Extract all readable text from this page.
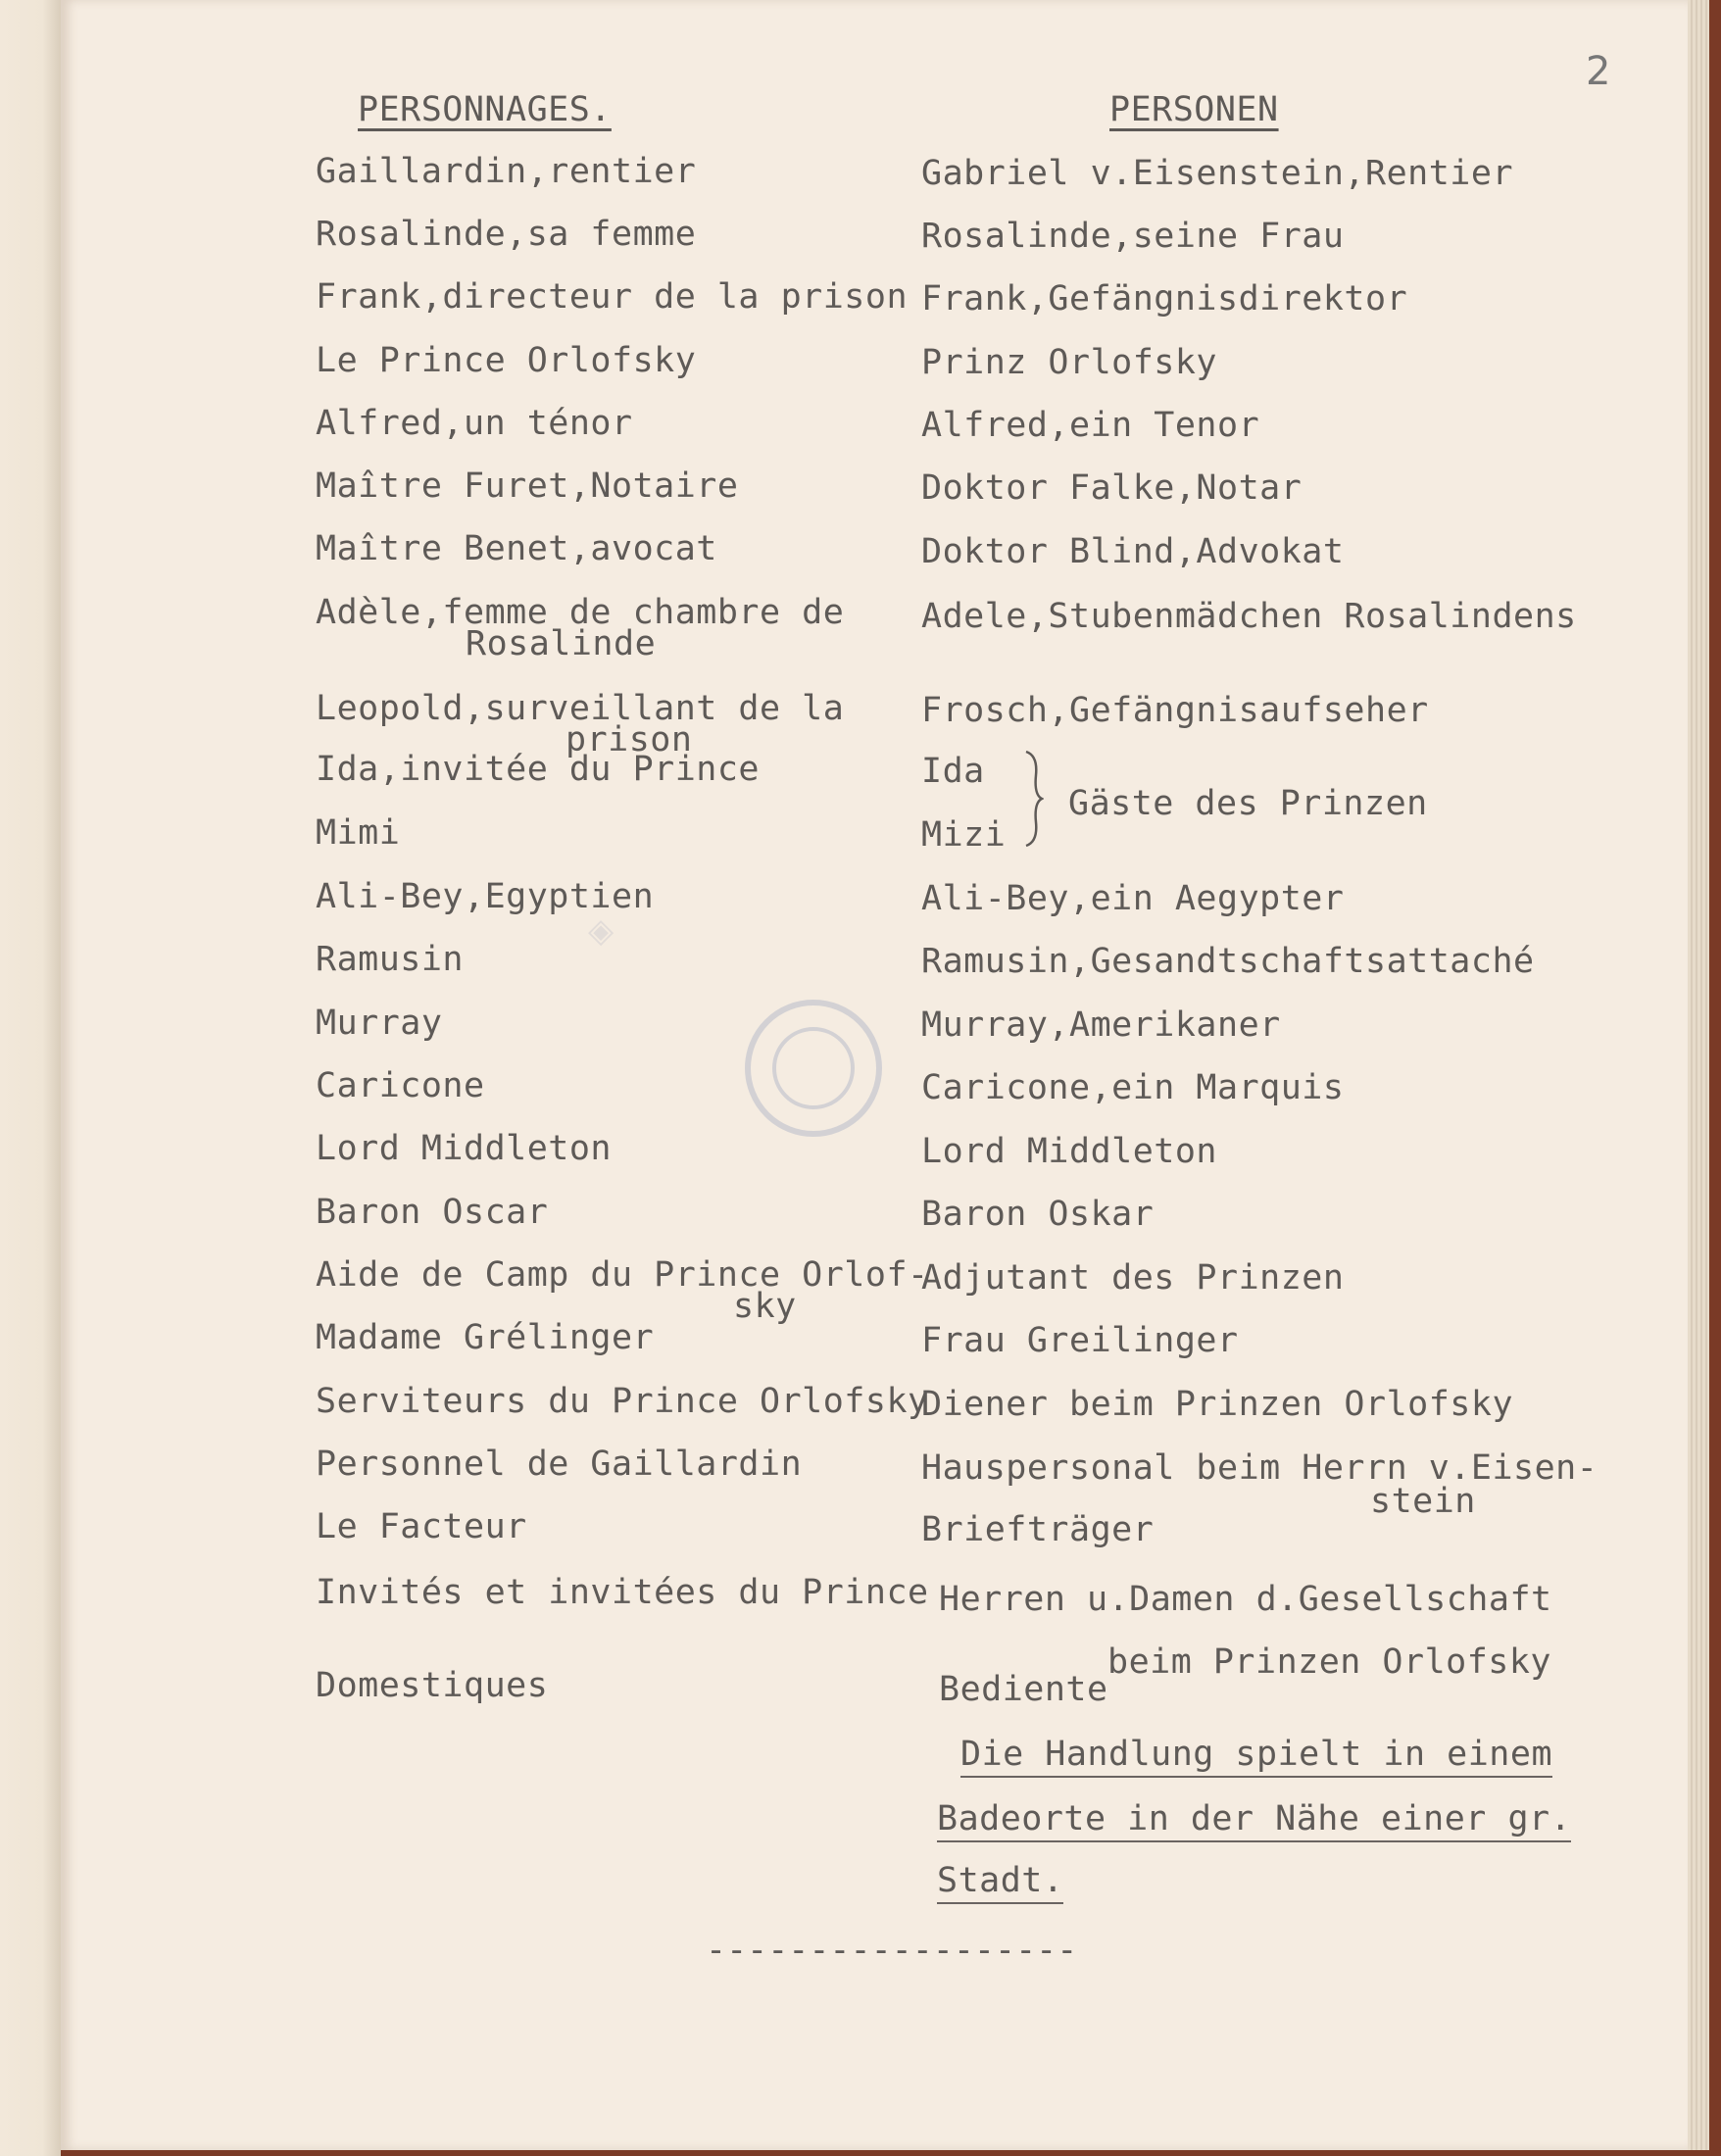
2
◈
PERSONNAGES.	PERSONEN
Gaillardin,rentier
Rosalinde,sa femme
Frank,directeur de la prison
Le Prince Orlofsky
Alfred,un ténor
Maître Furet,Notaire
Maître Benet,avocat
Adèle,femme de chambre de
Rosalinde
Leopold,surveillant de la
prison
Ida,invitée du Prince
Mimi
Ali-Bey,Egyptien
Ramusin
Murray
Caricone
Lord Middleton
Baron Oscar
Aide de Camp du Prince Orlof-
sky
Madame Grélinger
Serviteurs du Prince Orlofsky
Personnel de Gaillardin
Le Facteur
Invités et invitées du Prince
Domestiques
Gabriel v.Eisenstein,Rentier
Rosalinde,seine Frau
Frank,Gefängnisdirektor
Prinz Orlofsky
Alfred,ein Tenor
Doktor Falke,Notar
Doktor Blind,Advokat
Adele,Stubenmädchen Rosalindens
Frosch,Gefängnisaufseher
Ida
Mizi
Gäste des Prinzen
Ali-Bey,ein Aegypter
Ramusin,Gesandtschaftsattaché
Murray,Amerikaner
Caricone,ein Marquis
Lord Middleton
Baron Oskar
Adjutant des Prinzen
Frau Greilinger
Diener beim Prinzen Orlofsky
Hauspersonal beim Herrn v.Eisen-
stein
Briefträger
Herren u.Damen d.Gesellschaft
beim Prinzen Orlofsky
Bediente
Die Handlung spielt in einem
Badeorte in der Nähe einer gr.
Stadt.
------------------
